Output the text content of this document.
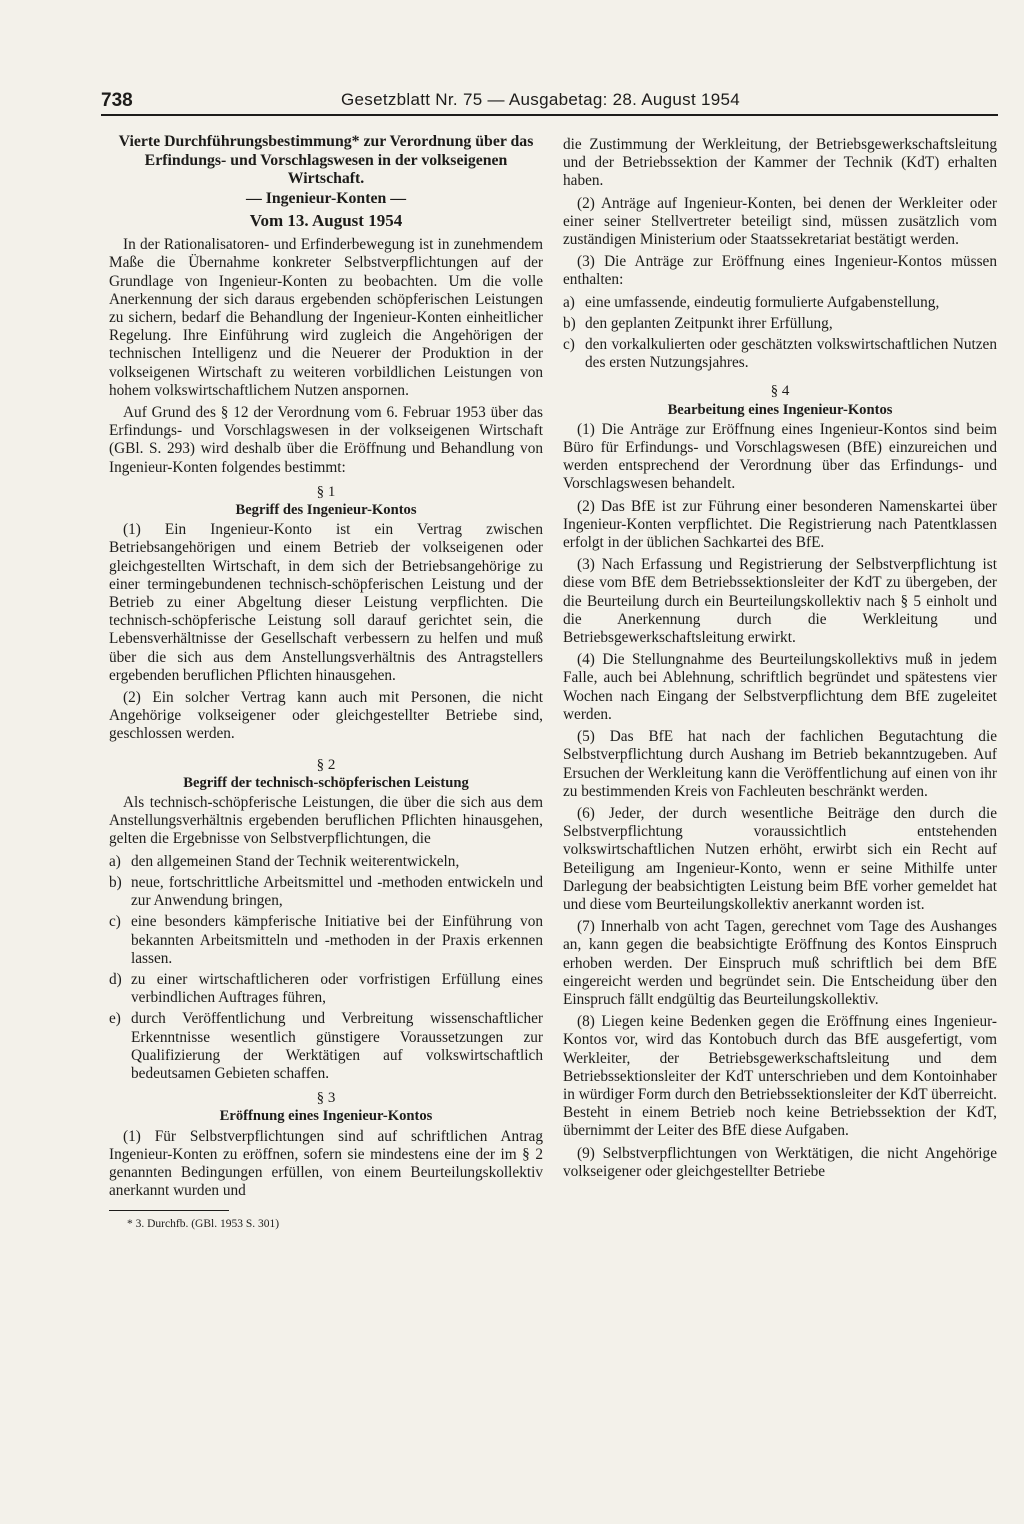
738	Gesetzblatt Nr. 75 — Ausgabetag: 28. August 1954

Vierte Durchführungsbestimmung* zur Verordnung über das Erfindungs- und Vorschlagswesen in der volkseigenen Wirtschaft.

— Ingenieur-Konten —

Vom 13. August 1954

In der Rationalisatoren- und Erfinderbewegung ist in zunehmendem Maße die Übernahme konkreter Selbstverpflichtungen auf der Grundlage von Ingenieur-Konten zu beobachten. Um die volle Anerkennung der sich daraus ergebenden schöpferischen Leistungen zu sichern, bedarf die Behandlung der Ingenieur-Konten einheitlicher Regelung. Ihre Einführung wird zugleich die Angehörigen der technischen Intelligenz und die Neuerer der Produktion in der volkseigenen Wirtschaft zu weiteren vorbildlichen Leistungen von hohem volkswirtschaftlichem Nutzen anspornen.

Auf Grund des § 12 der Verordnung vom 6. Februar 1953 über das Erfindungs- und Vorschlagswesen in der volkseigenen Wirtschaft (GBl. S. 293) wird deshalb über die Eröffnung und Behandlung von Ingenieur-Konten folgendes bestimmt:

§ 1

Begriff des Ingenieur-Kontos

(1) Ein Ingenieur-Konto ist ein Vertrag zwischen Betriebsangehörigen und einem Betrieb der volkseigenen oder gleichgestellten Wirtschaft, in dem sich der Betriebsangehörige zu einer termingebundenen technisch-schöpferischen Leistung und der Betrieb zu einer Abgeltung dieser Leistung verpflichten. Die technisch-schöpferische Leistung soll darauf gerichtet sein, die Lebensverhältnisse der Gesellschaft verbessern zu helfen und muß über die sich aus dem Anstellungsverhältnis des Antragstellers ergebenden beruflichen Pflichten hinausgehen.

(2) Ein solcher Vertrag kann auch mit Personen, die nicht Angehörige volkseigener oder gleichgestellter Betriebe sind, geschlossen werden.

§ 2

Begriff der technisch-schöpferischen Leistung

Als technisch-schöpferische Leistungen, die über die sich aus dem Anstellungsverhältnis ergebenden beruflichen Pflichten hinausgehen, gelten die Ergebnisse von Selbstverpflichtungen, die

a) den allgemeinen Stand der Technik weiterentwickeln,
b) neue, fortschrittliche Arbeitsmittel und -methoden entwickeln und zur Anwendung bringen,
c) eine besonders kämpferische Initiative bei der Einführung von bekannten Arbeitsmitteln und -methoden in der Praxis erkennen lassen.
d) zu einer wirtschaftlicheren oder vorfristigen Erfüllung eines verbindlichen Auftrages führen,
e) durch Veröffentlichung und Verbreitung wissenschaftlicher Erkenntnisse wesentlich günstigere Voraussetzungen zur Qualifizierung der Werktätigen auf volkswirtschaftlich bedeutsamen Gebieten schaffen.

§ 3

Eröffnung eines Ingenieur-Kontos

(1) Für Selbstverpflichtungen sind auf schriftlichen Antrag Ingenieur-Konten zu eröffnen, sofern sie mindestens eine der im § 2 genannten Bedingungen erfüllen, von einem Beurteilungskollektiv anerkannt wurden und

* 3. Durchfb. (GBl. 1953 S. 301)

die Zustimmung der Werkleitung, der Betriebsgewerkschaftsleitung und der Betriebssektion der Kammer der Technik (KdT) erhalten haben.

(2) Anträge auf Ingenieur-Konten, bei denen der Werkleiter oder einer seiner Stellvertreter beteiligt sind, müssen zusätzlich vom zuständigen Ministerium oder Staatssekretariat bestätigt werden.

(3) Die Anträge zur Eröffnung eines Ingenieur-Kontos müssen enthalten:

a) eine umfassende, eindeutig formulierte Aufgabenstellung,
b) den geplanten Zeitpunkt ihrer Erfüllung,
c) den vorkalkulierten oder geschätzten volkswirtschaftlichen Nutzen des ersten Nutzungsjahres.

§ 4

Bearbeitung eines Ingenieur-Kontos

(1) Die Anträge zur Eröffnung eines Ingenieur-Kontos sind beim Büro für Erfindungs- und Vorschlagswesen (BfE) einzureichen und werden entsprechend der Verordnung über das Erfindungs- und Vorschlagswesen behandelt.

(2) Das BfE ist zur Führung einer besonderen Namenskartei über Ingenieur-Konten verpflichtet. Die Registrierung nach Patentklassen erfolgt in der üblichen Sachkartei des BfE.

(3) Nach Erfassung und Registrierung der Selbstverpflichtung ist diese vom BfE dem Betriebssektionsleiter der KdT zu übergeben, der die Beurteilung durch ein Beurteilungskollektiv nach § 5 einholt und die Anerkennung durch die Werkleitung und Betriebsgewerkschaftsleitung erwirkt.

(4) Die Stellungnahme des Beurteilungskollektivs muß in jedem Falle, auch bei Ablehnung, schriftlich begründet und spätestens vier Wochen nach Eingang der Selbstverpflichtung dem BfE zugeleitet werden.

(5) Das BfE hat nach der fachlichen Begutachtung die Selbstverpflichtung durch Aushang im Betrieb bekanntzugeben. Auf Ersuchen der Werkleitung kann die Veröffentlichung auf einen von ihr zu bestimmenden Kreis von Fachleuten beschränkt werden.

(6) Jeder, der durch wesentliche Beiträge den durch die Selbstverpflichtung voraussichtlich entstehenden volkswirtschaftlichen Nutzen erhöht, erwirbt sich ein Recht auf Beteiligung am Ingenieur-Konto, wenn er seine Mithilfe unter Darlegung der beabsichtigten Leistung beim BfE vorher gemeldet hat und diese vom Beurteilungskollektiv anerkannt worden ist.

(7) Innerhalb von acht Tagen, gerechnet vom Tage des Aushanges an, kann gegen die beabsichtigte Eröffnung des Kontos Einspruch erhoben werden. Der Einspruch muß schriftlich bei dem BfE eingereicht werden und begründet sein. Die Entscheidung über den Einspruch fällt endgültig das Beurteilungskollektiv.

(8) Liegen keine Bedenken gegen die Eröffnung eines Ingenieur-Kontos vor, wird das Kontobuch durch das BfE ausgefertigt, vom Werkleiter, der Betriebsgewerkschaftsleitung und dem Betriebssektionsleiter der KdT unterschrieben und dem Kontoinhaber in würdiger Form durch den Betriebssektionsleiter der KdT überreicht. Besteht in einem Betrieb noch keine Betriebssektion der KdT, übernimmt der Leiter des BfE diese Aufgaben.

(9) Selbstverpflichtungen von Werktätigen, die nicht Angehörige volkseigener oder gleichgestellter Betriebe
